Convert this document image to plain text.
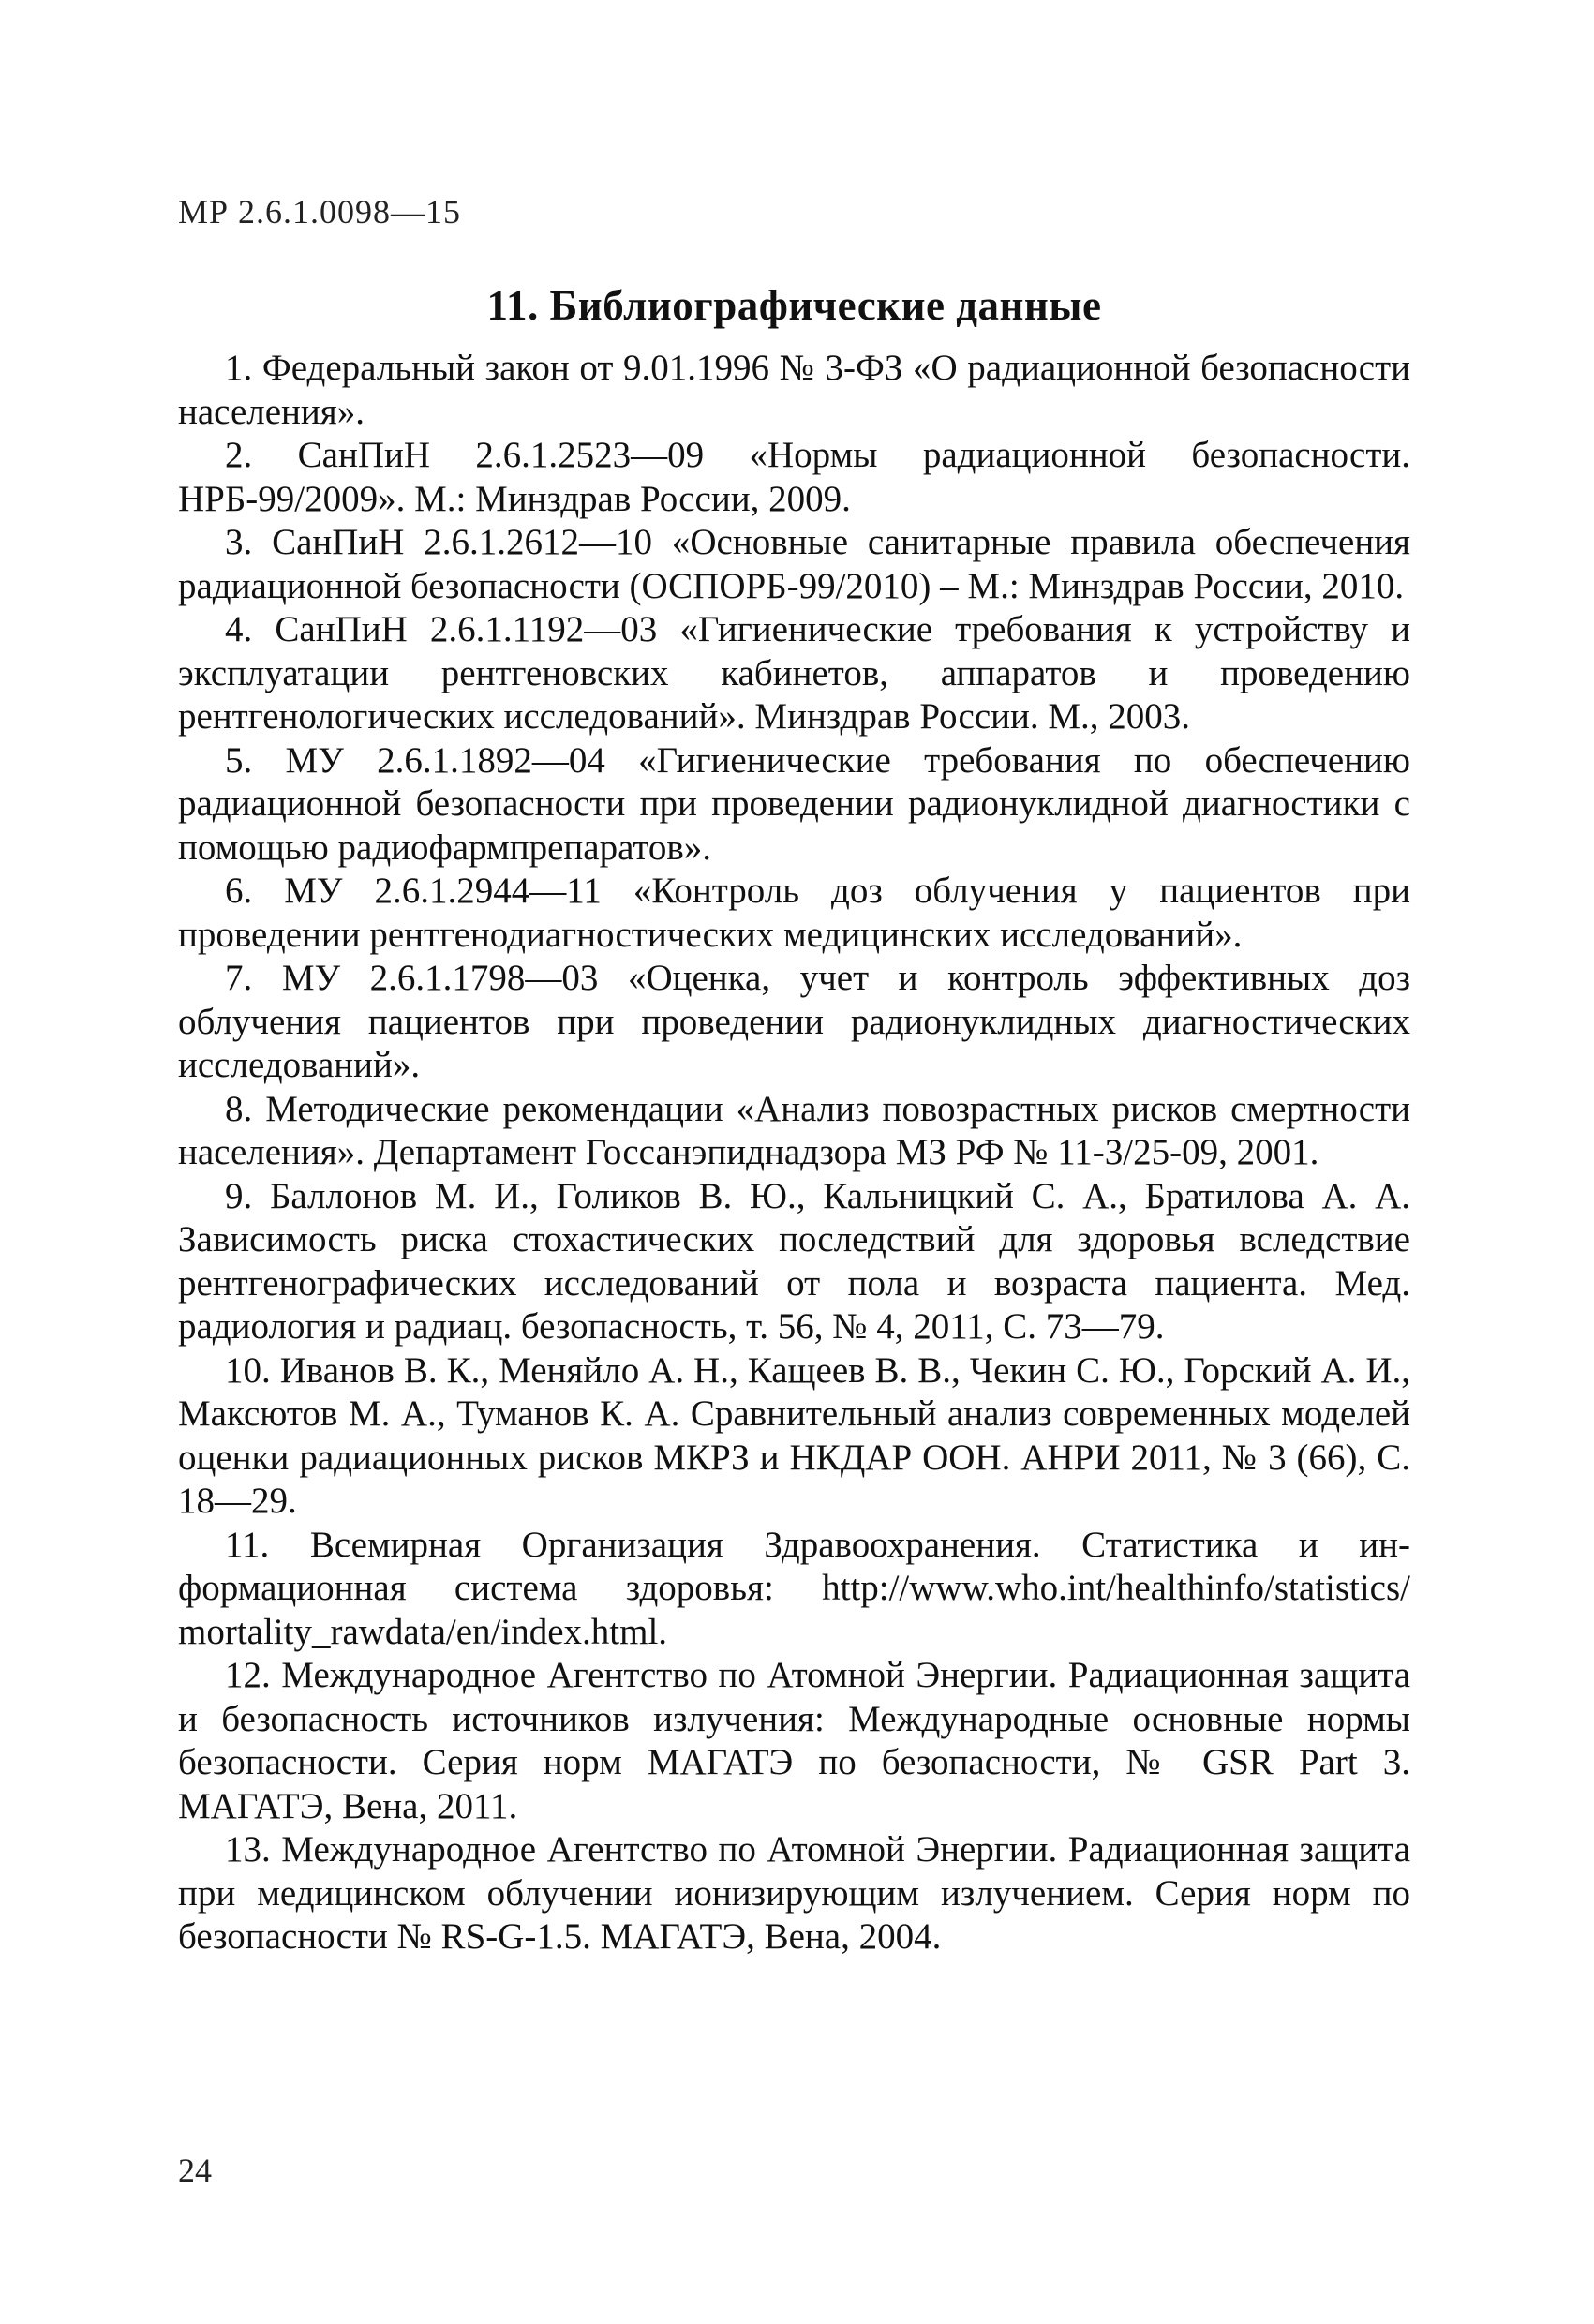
МР 2.6.1.0098—15
11. Библиографические данные

1. Федеральный закон от 9.01.1996 № 3-ФЗ «О радиационной безопасности населения».

2. СанПиН 2.6.1.2523—09 «Нормы радиационной безопасности. НРБ-99/2009». М.: Минздрав России, 2009.

3. СанПиН 2.6.1.2612—10 «Основные санитарные правила обеспечения радиационной безопасности (ОСПОРБ-99/2010) – М.: Минздрав России, 2010.

4. СанПиН 2.6.1.1192—03 «Гигиенические требования к устройству и эксплуатации рентгеновских кабинетов, аппаратов и проведению рентгенологических исследований». Минздрав России. М., 2003.

5. МУ 2.6.1.1892—04 «Гигиенические требования по обеспечению радиационной безопасности при проведении радионуклидной диагностики с помощью радиофармпрепаратов».

6. МУ 2.6.1.2944—11 «Контроль доз облучения у пациентов при проведении рентгенодиагностических медицинских исследований».

7. МУ 2.6.1.1798—03 «Оценка, учет и контроль эффективных доз облучения пациентов при проведении радионуклидных диагностических исследований».

8. Методические рекомендации «Анализ повозрастных рисков смертности населения». Департамент Госсанэпиднадзора МЗ РФ № 11-3/25-09, 2001.

9. Баллонов М. И., Голиков В. Ю., Кальницкий С. А., Братилова А. А. Зависимость риска стохастических последствий для здоровья вследствие рентгенографических исследований от пола и возраста пациента. Мед. радиология и радиац. безопасность, т. 56, № 4, 2011, С. 73—79.

10. Иванов В. К., Меняйло А. Н., Кащеев В. В., Чекин С. Ю., Горский А. И., Максютов М. А., Туманов К. А. Сравнительный анализ современных моделей оценки радиационных рисков МКРЗ и НКДАР ООН. АНРИ 2011, № 3 (66), С. 18—29.

11. Всемирная Организация Здравоохранения. Статистика и информационная система здоровья: http://www.who.int/healthinfo/statistics/​mortality_rawdata/en/index.html.

12. Международное Агентство по Атомной Энергии. Радиационная защита и безопасность источников излучения: Международные основные нормы безопасности. Серия норм МАГАТЭ по безопасности, № GSR Part 3. МАГАТЭ, Вена, 2011.

13. Международное Агентство по Атомной Энергии. Радиационная защита при медицинском облучении ионизирующим излучением. Серия норм по безопасности № RS-G-1.5. МАГАТЭ, Вена, 2004.

24
